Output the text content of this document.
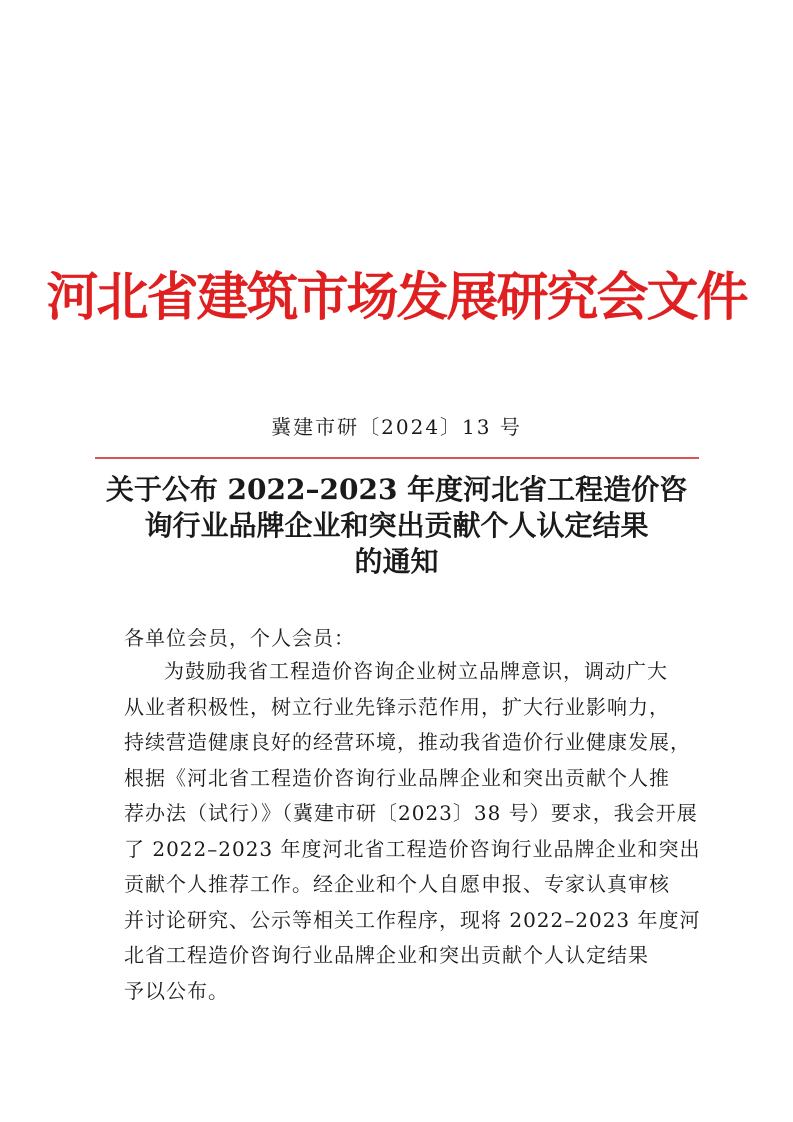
河北省建筑市场发展研究会文件
冀建市研〔2024〕13 号
关于公布 2022–2023 年度河北省工程造价咨
询行业品牌企业和突出贡献个人认定结果
的通知
各单位会员，个人会员：
为鼓励我省工程造价咨询企业树立品牌意识，调动广大
从业者积极性，树立行业先锋示范作用，扩大行业影响力，
持续营造健康良好的经营环境，推动我省造价行业健康发展，
根据《河北省工程造价咨询行业品牌企业和突出贡献个人推
荐办法（试行）》（冀建市研〔2023〕38 号）要求，我会开展
了 2022–2023 年度河北省工程造价咨询行业品牌企业和突出
贡献个人推荐工作。经企业和个人自愿申报、专家认真审核
并讨论研究、公示等相关工作程序，现将 2022–2023 年度河
北省工程造价咨询行业品牌企业和突出贡献个人认定结果
予以公布。
